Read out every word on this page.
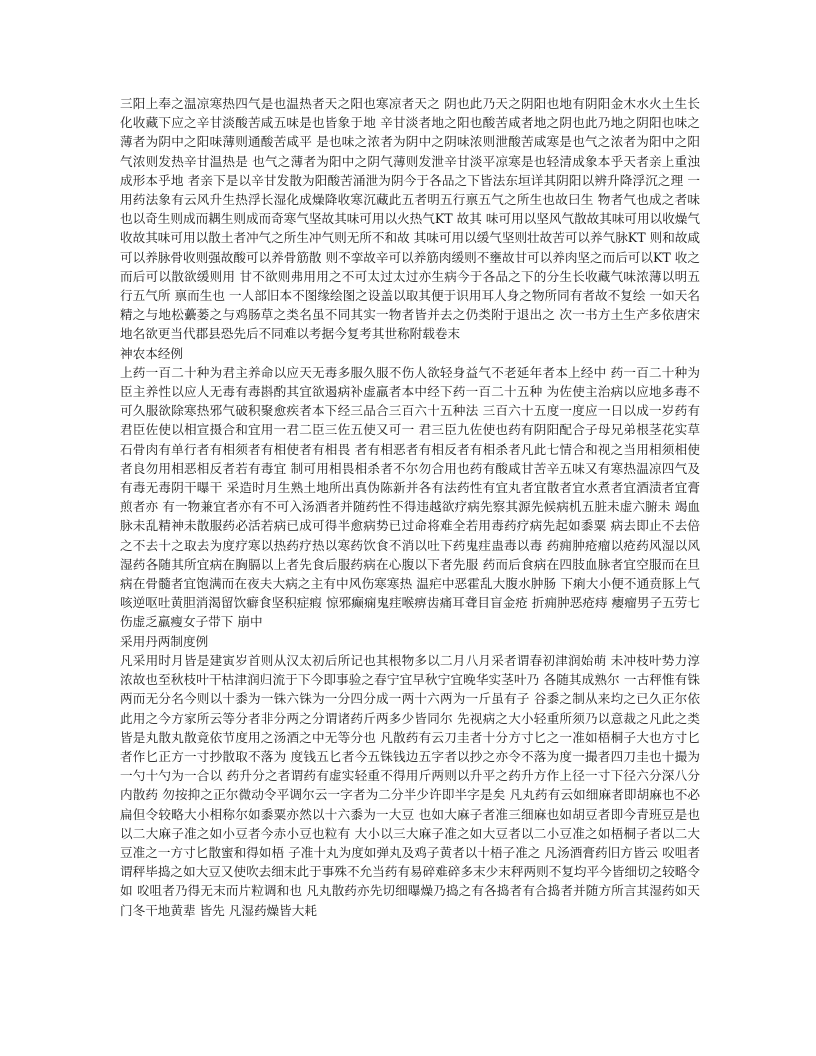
三阳上奉之温凉寒热四气是也温热者天之阳也寒凉者天之 阴也此乃天之阴阳也地有阴阳金木水火土生长化收藏下应之辛甘淡酸苦咸五味是也皆象于地 辛甘淡者地之阳也酸苦咸者地之阴也此乃地之阴阳也味之薄者为阴中之阳味薄则通酸苦咸平 是也味之浓者为阴中之阴味浓则泄酸苦咸寒是也气之浓者为阳中之阳气浓则发热辛甘温热是 也气之薄者为阳中之阴气薄则发泄辛甘淡平凉寒是也轻清成象本乎天者亲上重浊成形本乎地 者亲下是以辛甘发散为阳酸苦涌泄为阴今于各品之下皆法东垣详其阴阳以辨升降浮沉之理 一用药法象有云风升生热浮长湿化成燥降收寒沉藏此五者明五行禀五气之所生也故曰生 物者气也成之者味也以奇生则成而耦生则成而奇寒气坚故其味可用以火热气KT 故其 味可用以坚风气散故其味可用以收燥气收故其味可用以散土者冲气之所生冲气则无所不和故 其味可用以缓气坚则壮故苦可以养气脉KT 则和故咸可以养脉骨收则强故酸可以养骨筋散 则不挛故辛可以养筋肉缓则不壅故甘可以养肉坚之而后可以KT 收之而后可以散欲缓则用 甘不欲则弗用用之不可太过太过亦生病今于各品之下的分生长收藏气味浓薄以明五行五气所 禀而生也 一人部旧本不图缘绘图之设盖以取其便于识用耳人身之物所同有者故不复绘 一如天名精之与地松虆蒌之与鸡肠草之类名虽不同其实一物者皆并去之仍类附于退出之 次一书方土生产多依唐宋地名欲更当代郡县恐先后不同难以考据今复考其世称附载卷末

神农本经例

上药一百二十种为君主养命以应天无毒多服久服不伤人欲轻身益气不老延年者本上经中 药一百二十种为臣主养性以应人无毒有毒斟酌其宜欲遏病补虚羸者本中经下药一百二十五种 为佐使主治病以应地多毒不可久服欲除寒热邪气破积聚愈疾者本下经三品合三百六十五种法 三百六十五度一度应一日以成一岁药有君臣佐使以相宣摄合和宜用一君二臣三佐五使又可一 君三臣九佐使也药有阴阳配合子母兄弟根茎花实草石骨肉有单行者有相须者有相使者有相畏 者有相恶者有相反者有相杀者凡此七情合和视之当用相须相使者良勿用相恶相反者若有毒宜 制可用相畏相杀者不尔勿合用也药有酸咸甘苦辛五味又有寒热温凉四气及有毒无毒阴干曝干 采造时月生熟土地所出真伪陈新并各有法药性有宜丸者宜散者宜水煮者宜酒渍者宜膏煎者亦 有一物兼宜者亦有不可入汤酒者并随药性不得违越欲疗病先察其源先候病机五脏未虚六腑未 竭血脉未乱精神未散服药必活若病已成可得半愈病势已过命将难全若用毒药疗病先起如黍粟 病去即止不去倍之不去十之取去为度疗寒以热药疗热以寒药饮食不消以吐下药鬼疰蛊毒以毒 药痈肿疮瘤以疮药风湿以风湿药各随其所宜病在胸膈以上者先食后服药病在心腹以下者先服 药而后食病在四肢血脉者宜空服而在旦病在骨髓者宜饱满而在夜夫大病之主有中风伤寒寒热 温疟中恶霍乱大腹水肿肠 下痢大小便不通贲豚上气咳逆呕吐黄胆消渴留饮癖食坚积症瘕 惊邪癫痫鬼疰喉痹齿痛耳聋目盲金疮 折痈肿恶疮痔 瘿瘤男子五劳七伤虚乏羸瘦女子带下 崩中

采用丹两制度例

凡采用时月皆是建寅岁首则从汉太初后所记也其根物多以二月八月采者谓春初津润始萌 未冲枝叶势力淳浓故也至秋枝叶干枯津润归流于下今即事验之春宁宜早秋宁宜晚华实茎叶乃 各随其成熟尔 一古秤惟有铢两而无分名今则以十黍为一铢六铢为一分四分成一两十六两为一斤虽有子 谷黍之制从来均之已久正尔依此用之今方家所云等分者非分两之分谓诸药斤两多少皆同尔 先视病之大小轻重所须乃以意裁之凡此之类皆是丸散丸散竟依节度用之汤酒之中无等分也 凡散药有云刀圭者十分方寸匕之一准如梧桐子大也方寸匕者作匕正方一寸抄散取不落为 度钱五匕者今五铢钱边五字者以抄之亦令不落为度一撮者四刀圭也十撮为一勺十勺为一合以 药升分之者谓药有虚实轻重不得用斤两则以升平之药升方作上径一寸下径六分深八分内散药 勿按抑之正尔微动令平调尔云一字者为二分半少许即半字是矣 凡丸药有云如细麻者即胡麻也不必扁但令较略大小相称尔如黍粟亦然以十六黍为一大豆 也如大麻子者准三细麻也如胡豆者即今青班豆是也以二大麻子准之如小豆者今赤小豆也粒有 大小以三大麻子准之如大豆者以二小豆准之如梧桐子者以二大豆准之一方寸匕散蜜和得如梧 子准十丸为度如弹丸及鸡子黄者以十梧子准之 凡汤酒膏药旧方皆云 㕮咀者谓秤毕捣之如大豆又使吹去细末此于事殊不允当药有易碎难碎多末少末秤两则不复均平今皆细切之较略令如 㕮咀者乃得无末而片粒调和也 凡丸散药亦先切细曝燥乃捣之有各捣者有合捣者并随方所言其湿药如天门冬干地黄辈 皆先 凡湿药燥皆大耗
